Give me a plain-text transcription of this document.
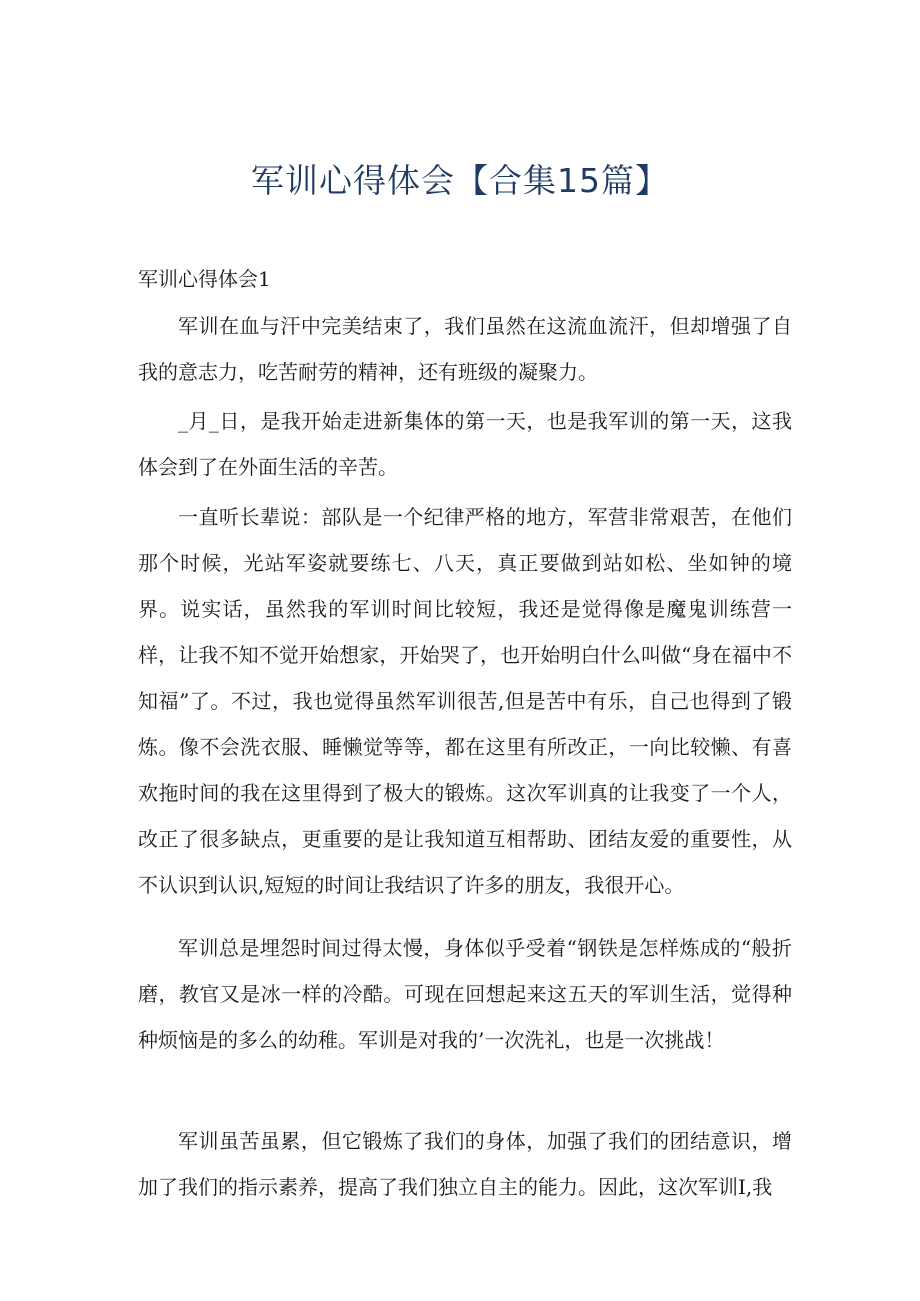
军训心得体会【合集15篇】
军训心得体会1

军训在血与汗中完美结束了，我们虽然在这流血流汗，但却增强了自我的意志力，吃苦耐劳的精神，还有班级的凝聚力。

_月_日，是我开始走进新集体的第一天，也是我军训的第一天，这我体会到了在外面生活的辛苦。

一直听长辈说：部队是一个纪律严格的地方，军营非常艰苦，在他们那个时候，光站军姿就要练七、八天，真正要做到站如松、坐如钟的境界。说实话，虽然我的军训时间比较短，我还是觉得像是魔鬼训练营一样，让我不知不觉开始想家，开始哭了，也开始明白什么叫做“身在福中不知福”了。不过，我也觉得虽然军训很苦,但是苦中有乐，自己也得到了锻炼。像不会洗衣服、睡懒觉等等，都在这里有所改正，一向比较懒、有喜欢拖时间的我在这里得到了极大的锻炼。这次军训真的让我变了一个人，改正了很多缺点，更重要的是让我知道互相帮助、团结友爱的重要性，从不认识到认识,短短的时间让我结识了许多的朋友，我很开心。

军训总是埋怨时间过得太慢，身体似乎受着“钢铁是怎样炼成的“般折磨，教官又是冰一样的冷酷。可现在回想起来这五天的军训生活，觉得种种烦恼是的多么的幼稚。军训是对我的’一次洗礼，也是一次挑战！

军训虽苦虽累，但它锻炼了我们的身体，加强了我们的团结意识，增加了我们的指示素养，提高了我们独立自主的能力。因此，这次军训I,我
